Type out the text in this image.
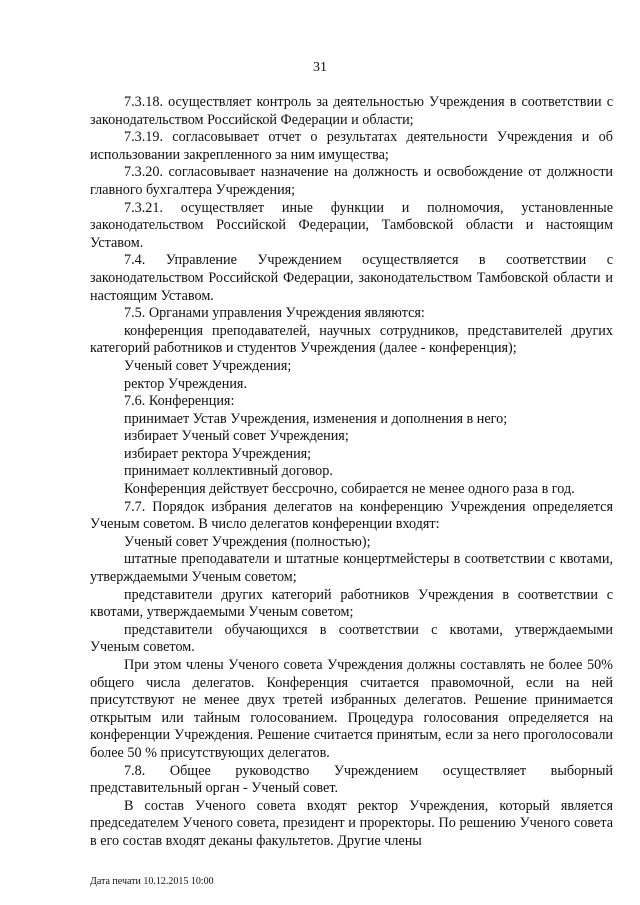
31

7.3.18. осуществляет контроль за деятельностью Учреждения в соответствии с законодательством Российской Федерации и области;

7.3.19. согласовывает отчет о результатах деятельности Учреждения и об использовании закрепленного за ним имущества;

7.3.20. согласовывает назначение на должность и освобождение от должности главного бухгалтера Учреждения;

7.3.21. осуществляет иные функции и полномочия, установленные законодательством Российской Федерации, Тамбовской области и настоящим Уставом.

7.4. Управление Учреждением осуществляется в соответствии с законодательством Российской Федерации, законодательством Тамбовской области и настоящим Уставом.

7.5. Органами управления Учреждения являются:

конференция преподавателей, научных сотрудников, представителей других категорий работников и студентов Учреждения (далее - конференция);

Ученый совет Учреждения;

ректор Учреждения.

7.6. Конференция:

принимает Устав Учреждения, изменения и дополнения в него;

избирает Ученый совет Учреждения;

избирает ректора Учреждения;

принимает коллективный договор.

Конференция действует бессрочно, собирается не менее одного раза в год.

7.7. Порядок избрания делегатов на конференцию Учреждения определяется Ученым советом. В число делегатов конференции входят:

Ученый совет Учреждения (полностью);

штатные преподаватели и штатные концертмейстеры в соответствии с квотами, утверждаемыми Ученым советом;

представители других категорий работников Учреждения в соответствии с квотами, утверждаемыми Ученым советом;

представители обучающихся в соответствии с квотами, утверждаемыми Ученым советом.

При этом члены Ученого совета Учреждения должны составлять не более 50% общего числа делегатов. Конференция считается правомочной, если на ней присутствуют не менее двух третей избранных делегатов. Решение принимается открытым или тайным голосованием. Процедура голосования определяется на конференции Учреждения. Решение считается принятым, если за него проголосовали более 50 % присутствующих делегатов.

7.8. Общее руководство Учреждением осуществляет выборный представительный орган - Ученый совет.

В состав Ученого совета входят ректор Учреждения, который является председателем Ученого совета, президент и проректоры. По решению Ученого совета в его состав входят деканы факультетов. Другие члены

Дата печати 10.12.2015 10:00
